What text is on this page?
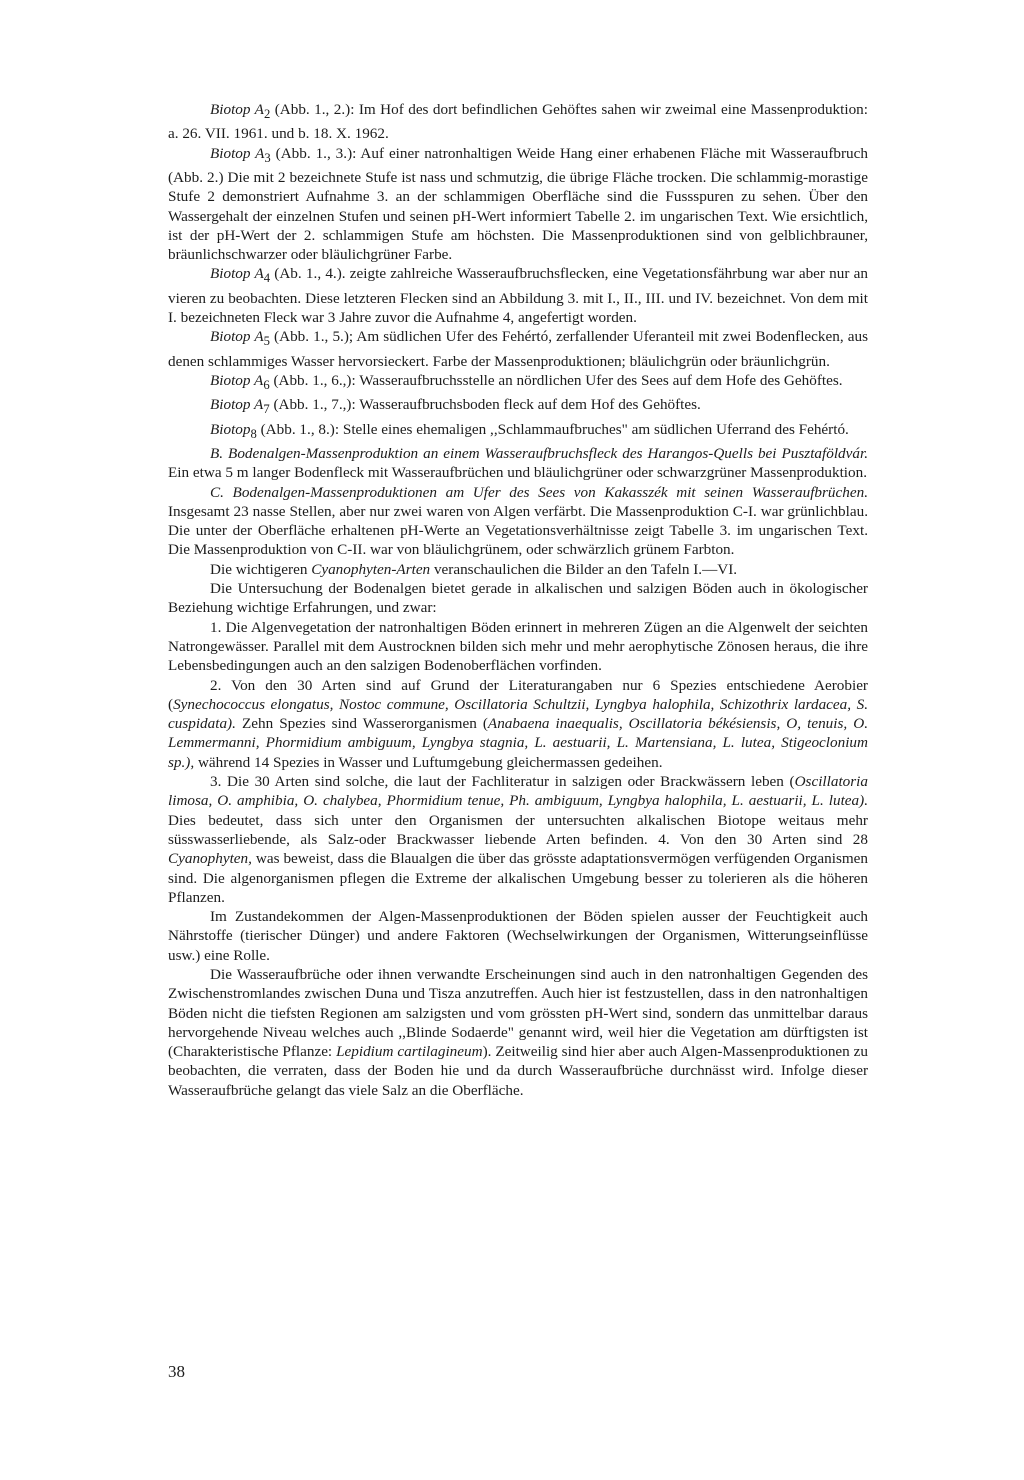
Biotop $A_2$ (Abb. 1., 2.): Im Hof des dort befindlichen Gehöftes sahen wir zweimal eine Massenproduktion: a. 26. VII. 1961. und b. 18. X. 1962.

Biotop $A_3$ (Abb. 1., 3.): Auf einer natronhaltigen Weide Hang einer erhabenen Fläche mit Wasseraufbruch (Abb. 2.) Die mit 2 bezeichnete Stufe ist nass und schmutzig, die übrige Fläche trocken. Die schlammig-morastige Stufe 2 demonstriert Aufnahme 3. an der schlammigen Oberfläche sind die Fussspuren zu sehen. Über den Wassergehalt der einzelnen Stufen und seinen pH-Wert informiert Tabelle 2. im ungarischen Text. Wie ersichtlich, ist der pH-Wert der 2. schlammigen Stufe am höchsten. Die Massenproduktionen sind von gelblichbrauner, bräunlichschwarzer oder bläulichgrüner Farbe.

Biotop $A_4$ (Ab. 1., 4.). zeigte zahlreiche Wasseraufbruchsflecken, eine Vegetationsfährbung war aber nur an vieren zu beobachten. Diese letzteren Flecken sind an Abbildung 3. mit I., II., III. und IV. bezeichnet. Von dem mit I. bezeichneten Fleck war 3 Jahre zuvor die Aufnahme 4, angefertigt worden.

Biotop $A_5$ (Abb. 1., 5.); Am südlichen Ufer des Fehértó, zerfallender Uferanteil mit zwei Bodenflecken, aus denen schlammiges Wasser hervorsieckert. Farbe der Massenproduktionen; bläulichgrün oder bräunlichgrün.

Biotop $A_6$ (Abb. 1., 6.,): Wasseraufbruchsstelle an nördlichen Ufer des Sees auf dem Hofe des Gehöftes.

Biotop $A_7$ (Abb. 1., 7.,): Wasseraufbruchsboden fleck auf dem Hof des Gehöftes.

Biotop$_8$ (Abb. 1., 8.): Stelle eines ehemaligen ,,Schlammaufbruches" am südlichen Uferrand des Fehértó.

B. Bodenalgen-Massenproduktion an einem Wasseraufbruchsfleck des Harangos-Quells bei Pusztaföldvár. Ein etwa 5 m langer Bodenfleck mit Wasseraufbrüchen und bläulichgrüner oder schwarzgrüner Massenproduktion.

C. Bodenalgen-Massenproduktionen am Ufer des Sees von Kakasszék mit seinen Wasseraufbrüchen. Insgesamt 23 nasse Stellen, aber nur zwei waren von Algen verfärbt. Die Massenproduktion C-I. war grünlichblau. Die unter der Oberfläche erhaltenen pH-Werte an Vegetationsverhältnisse zeigt Tabelle 3. im ungarischen Text. Die Massenproduktion von C-II. war von bläulichgrünem, oder schwärzlich grünem Farbton.

Die wichtigeren Cyanophyten-Arten veranschaulichen die Bilder an den Tafeln I.—VI.

Die Untersuchung der Bodenalgen bietet gerade in alkalischen und salzigen Böden auch in ökologischer Beziehung wichtige Erfahrungen, und zwar:

1. Die Algenvegetation der natronhaltigen Böden erinnert in mehreren Zügen an die Algenwelt der seichten Natrongewässer. Parallel mit dem Austrocknen bilden sich mehr und mehr aerophytische Zönosen heraus, die ihre Lebensbedingungen auch an den salzigen Bodenoberflächen vorfinden.

2. Von den 30 Arten sind auf Grund der Literaturangaben nur 6 Spezies entschiedene Aerobier (Synechococcus elongatus, Nostoc commune, Oscillatoria Schultzii, Lyngbya halophila, Schizothrix lardacea, S. cuspidata). Zehn Spezies sind Wasserorganismen (Anabaena inaequalis, Oscillatoria békésiensis, O, tenuis, O. Lemmermanni, Phormidium ambiguum, Lyngbya stagnia, L. aestuarii, L. Martensiana, L. lutea, Stigeoclonium sp.), während 14 Spezies in Wasser und Luftumgebung gleichermassen gedeihen.

3. Die 30 Arten sind solche, die laut der Fachliteratur in salzigen oder Brackwässern leben (Oscillatoria limosa, O. amphibia, O. chalybea, Phormidium tenue, Ph. ambiguum, Lyngbya halophila, L. aestuarii, L. lutea). Dies bedeutet, dass sich unter den Organismen der untersuchten alkalischen Biotope weitaus mehr süsswasserliebende, als Salz-oder Brackwasser liebende Arten befinden. 4. Von den 30 Arten sind 28 Cyanophyten, was beweist, dass die Blaualgen die über das grösste adaptationsvermögen verfügenden Organismen sind. Die algenorganismen pflegen die Extreme der alkalischen Umgebung besser zu tolerieren als die höheren Pflanzen.

Im Zustandekommen der Algen-Massenproduktionen der Böden spielen ausser der Feuchtigkeit auch Nährstoffe (tierischer Dünger) und andere Faktoren (Wechselwirkungen der Organismen, Witterungseinflüsse usw.) eine Rolle.

Die Wasseraufbrüche oder ihnen verwandte Erscheinungen sind auch in den natronhaltigen Gegenden des Zwischenstromlandes zwischen Duna und Tisza anzutreffen. Auch hier ist festzustellen, dass in den natronhaltigen Böden nicht die tiefsten Regionen am salzigsten und vom grössten pH-Wert sind, sondern das unmittelbar daraus hervorgehende Niveau welches auch ,,Blinde Sodaerde" genannt wird, weil hier die Vegetation am dürftigsten ist (Charakteristische Pflanze: Lepidium cartilagineum). Zeitweilig sind hier aber auch Algen-Massenproduktionen zu beobachten, die verraten, dass der Boden hie und da durch Wasseraufbrüche durchnässt wird. Infolge dieser Wasseraufbrüche gelangt das viele Salz an die Oberfläche.

38
